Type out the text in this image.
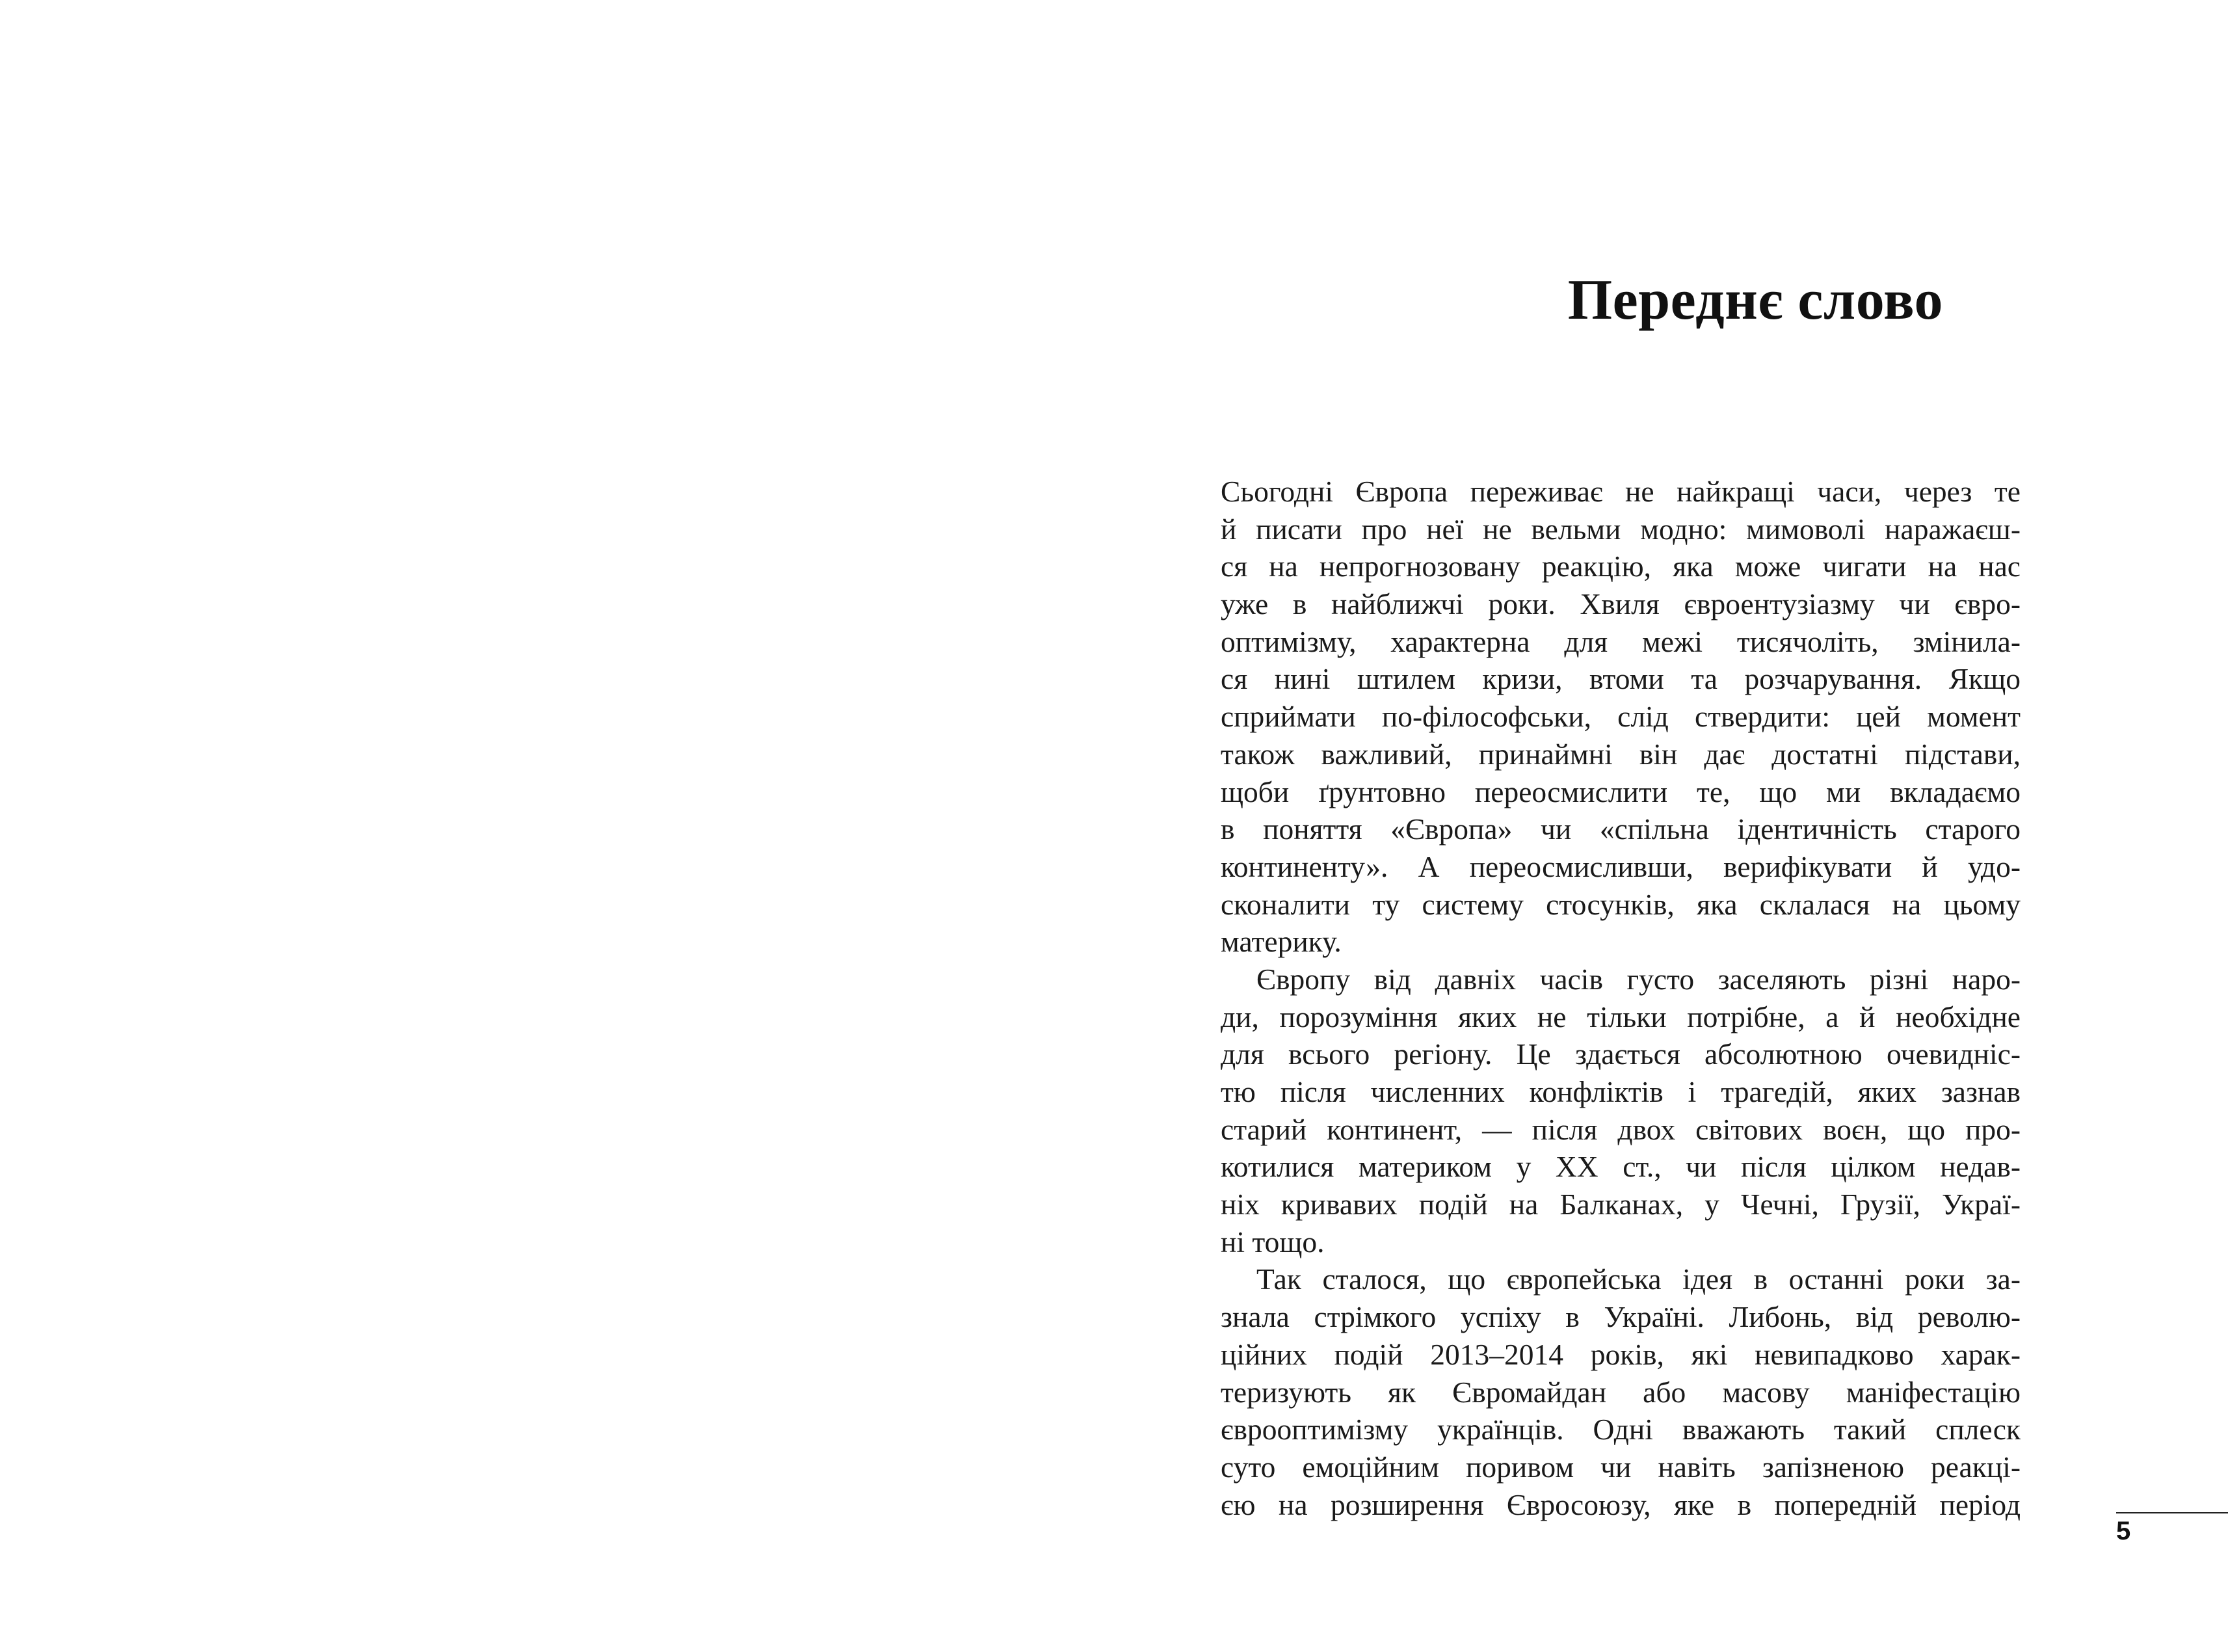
Переднє слово
Сьогодні Європа переживає не найкращі часи, через те
й писати про неї не вельми модно: мимоволі наражаєш-
ся на непрогнозовану реакцію, яка може чигати на нас
уже в найближчі роки. Хвиля євроентузіазму чи євро-
оптимізму, характерна для межі тисячоліть, змінила-
ся нині штилем кризи, втоми та розчарування. Якщо
сприймати по-філософськи, слід ствердити: цей момент
також важливий, принаймні він дає достатні підстави,
щоби ґрунтовно переосмислити те, що ми вкладаємо
в поняття «Європа» чи «спільна ідентичність старого
континенту». А переосмисливши, верифікувати й удо-
сконалити ту систему стосунків, яка склалася на цьому
материку.
Європу від давніх часів густо заселяють різні наро-
ди, порозуміння яких не тільки потрібне, а й необхідне
для всього регіону. Це здається абсолютною очевидніс-
тю після численних конфліктів і трагедій, яких зазнав
старий континент, — після двох світових воєн, що про-
котилися материком у ХХ ст., чи після цілком недав-
ніх кривавих подій на Балканах, у Чечні, Грузії, Украї-
ні тощо.
Так сталося, що європейська ідея в останні роки за-
знала стрімкого успіху в Україні. Либонь, від револю-
ційних подій 2013–2014 років, які невипадково харак-
теризують як Євромайдан або масову маніфестацію
єврооптимізму українців. Одні вважають такий сплеск
суто емоційним поривом чи навіть запізненою реакці-
єю на розширення Євросоюзу, яке в попередній період
5
